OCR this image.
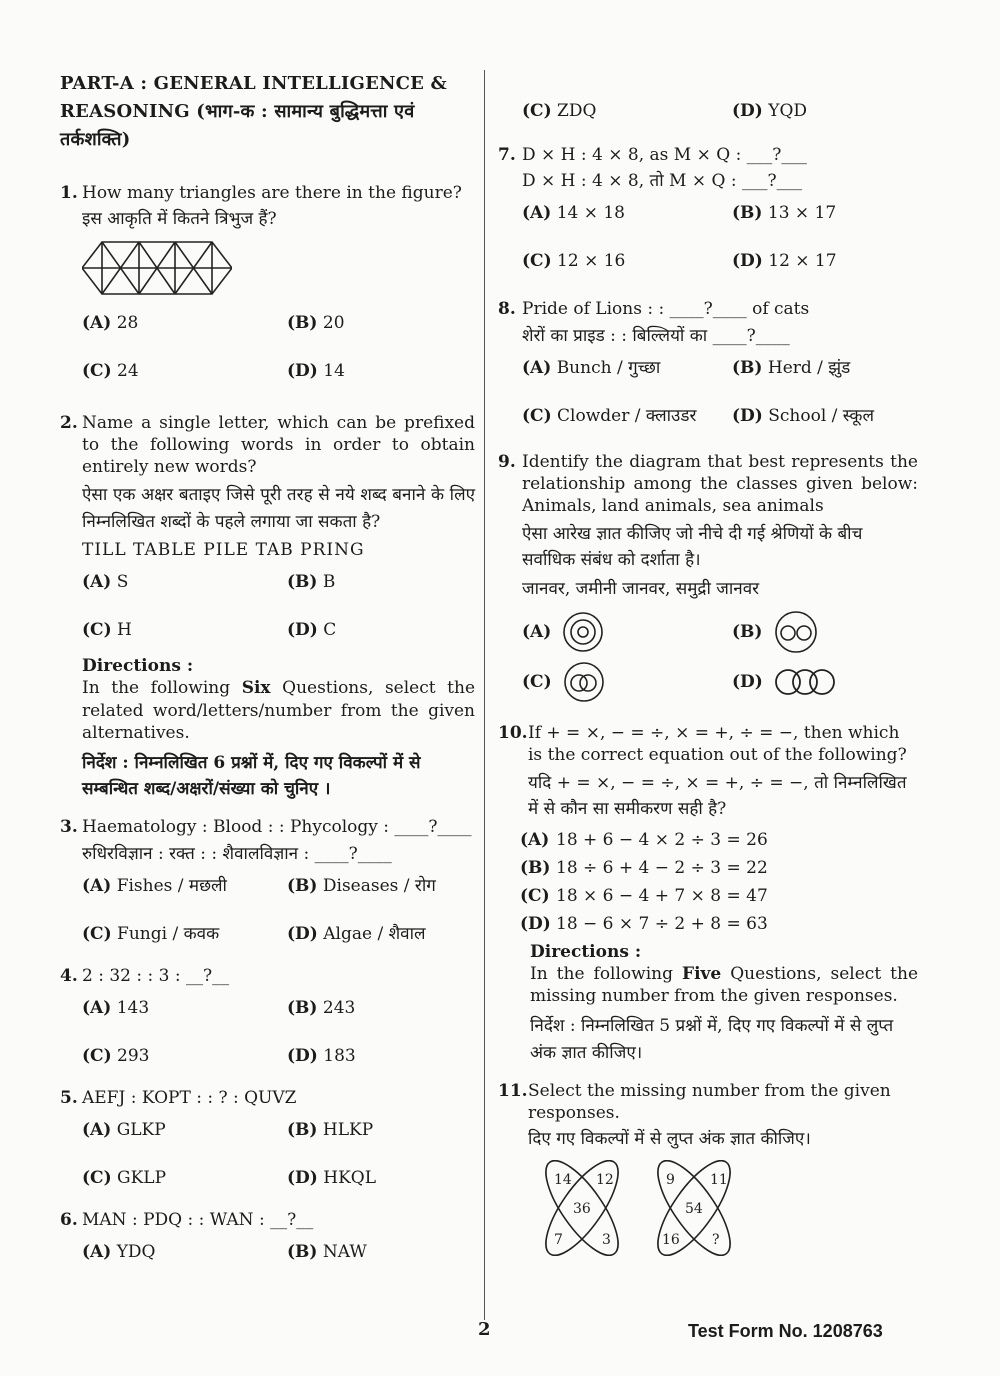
PART-A : GENERAL INTELLIGENCE & REASONING (भाग-क : सामान्य बुद्धिमत्ता एवं तर्कशक्ति)
1. How many triangles are there in the figure?
इस आकृति में कितने त्रिभुज हैं?
(A) 28	(B) 20
(C) 24	(D) 14
2. Name a single letter, which can be prefixed to the following words in order to obtain entirely new words?
ऐसा एक अक्षर बताइए जिसे पूरी तरह से नये शब्द बनाने के लिए निम्नलिखित शब्दों के पहले लगाया जा सकता है?
TILL TABLE PILE TAB PRING
(A) S	(B) B
(C) H	(D) C
Directions :
In the following Six Questions, select the related word/letters/number from the given alternatives.
निर्देश : निम्नलिखित 6 प्रश्नों में, दिए गए विकल्पों में से सम्बन्धित शब्द/अक्षरों/संख्या को चुनिए ।
3. Haematology : Blood : : Phycology : ____?____
रुधिरविज्ञान : रक्त : : शैवालविज्ञान : ____?____
(A) Fishes / मछली	(B) Diseases / रोग
(C) Fungi / कवक	(D) Algae / शैवाल
4. 2 : 32 : : 3 : __?__
(A) 143	(B) 243
(C) 293	(D) 183
5. AEFJ : KOPT : : ? : QUVZ
(A) GLKP	(B) HLKP
(C) GKLP	(D) HKQL
6. MAN : PDQ : : WAN : __?__
(A) YDQ	(B) NAW
(C) ZDQ	(D) YQD
7. D × H : 4 × 8, as M × Q : ___?___
D × H : 4 × 8, तो M × Q : ___?___
(A) 14 × 18	(B) 13 × 17
(C) 12 × 16	(D) 12 × 17
8. Pride of Lions : : ____?____ of cats
शेरों का प्राइड : : बिल्लियों का ____?____
(A) Bunch / गुच्छा	(B) Herd / झुंड
(C) Clowder / क्लाउडर	(D) School / स्कूल
9. Identify the diagram that best represents the relationship among the classes given below: Animals, land animals, sea animals
ऐसा आरेख ज्ञात कीजिए जो नीचे दी गई श्रेणियों के बीच सर्वाधिक संबंध को दर्शाता है।
जानवर, जमीनी जानवर, समुद्री जानवर
(A)	(B)
(C)	(D)
10. If + = ×, − = ÷, × = +, ÷ = −, then which is the correct equation out of the following?
यदि + = ×, − = ÷, × = +, ÷ = −, तो निम्नलिखित में से कौन सा समीकरण सही है?
(A) 18 + 6 − 4 × 2 ÷ 3 = 26
(B) 18 ÷ 6 + 4 − 2 ÷ 3 = 22
(C) 18 × 6 − 4 + 7 × 8 = 47
(D) 18 − 6 × 7 ÷ 2 + 8 = 63
Directions :
In the following Five Questions, select the missing number from the given responses.
निर्देश : निम्नलिखित 5 प्रश्नों में, दिए गए विकल्पों में से लुप्त अंक ज्ञात कीजिए।
11. Select the missing number from the given responses.
दिए गए विकल्पों में से लुप्त अंक ज्ञात कीजिए।
14 12
36
7	3
9	11
54
16 ?
2	Test Form No. 1208763
